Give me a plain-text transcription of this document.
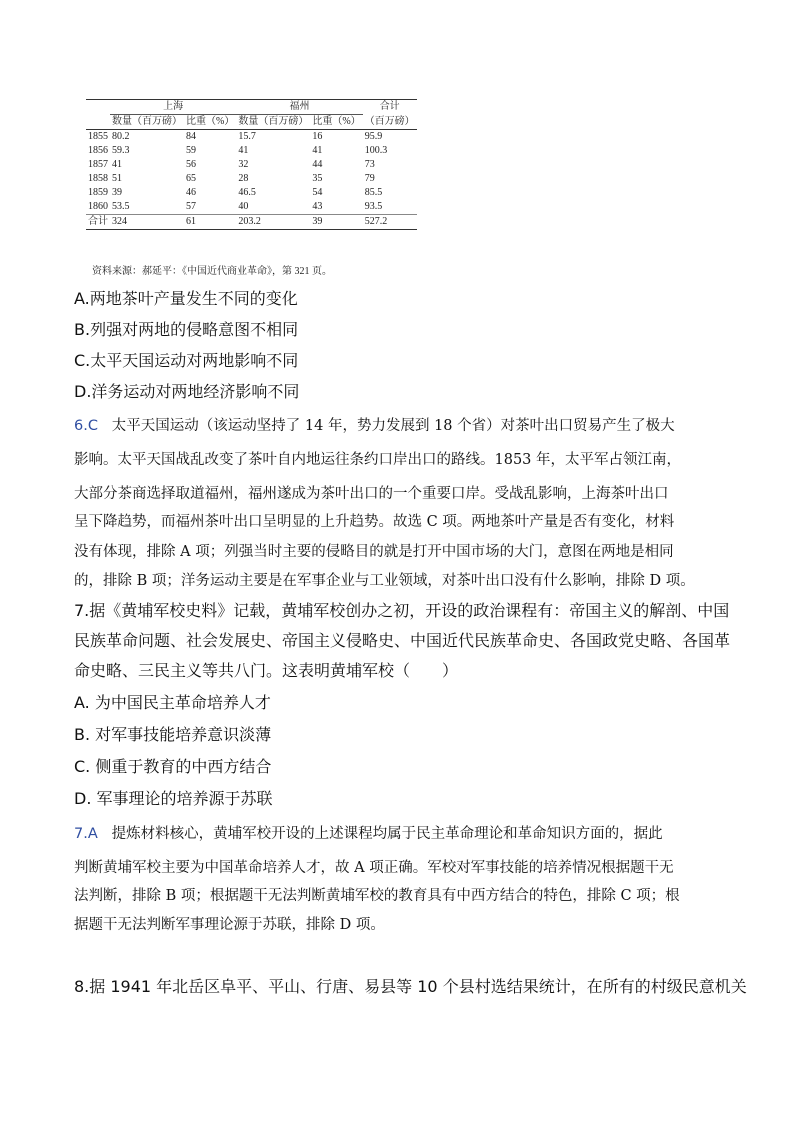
	上海		福州		合计
	数量（百万磅）	比重（%）	数量（百万磅）	比重（%）	（百万磅）
1855	80.2	84	15.7	16	95.9
1856	59.3	59	41	41	100.3
1857	41	56	32	44	73
1858	51	65	28	35	79
1859	39	46	46.5	54	85.5
1860	53.5	57	40	43	93.5
合计	324	61	203.2	39	527.2
资料来源：郝延平：《中国近代商业革命》，第 321 页。
A.两地茶叶产量发生不同的变化
B.列强对两地的侵略意图不相同
C.太平天国运动对两地影响不同
D.洋务运动对两地经济影响不同
6.C 太平天国运动（该运动坚持了 14 年，势力发展到 18 个省）对茶叶出口贸易产生了极大
影响。太平天国战乱改变了茶叶自内地运往条约口岸出口的路线。1853 年，太平军占领江南，
大部分茶商选择取道福州，福州遂成为茶叶出口的一个重要口岸。受战乱影响，上海茶叶出口
呈下降趋势，而福州茶叶出口呈明显的上升趋势。故选 C 项。两地茶叶产量是否有变化，材料
没有体现，排除 A 项；列强当时主要的侵略目的就是打开中国市场的大门，意图在两地是相同
的，排除 B 项；洋务运动主要是在军事企业与工业领域，对茶叶出口没有什么影响，排除 D 项。
7.据《黄埔军校史料》记载，黄埔军校创办之初，开设的政治课程有：帝国主义的解剖、中国
民族革命问题、社会发展史、帝国主义侵略史、中国近代民族革命史、各国政党史略、各国革
命史略、三民主义等共八门。这表明黄埔军校（　　）
A. 为中国民主革命培养人才
B. 对军事技能培养意识淡薄
C. 侧重于教育的中西方结合
D. 军事理论的培养源于苏联
7.A 提炼材料核心，黄埔军校开设的上述课程均属于民主革命理论和革命知识方面的，据此
判断黄埔军校主要为中国革命培养人才，故 A 项正确。军校对军事技能的培养情况根据题干无
法判断，排除 B 项；根据题干无法判断黄埔军校的教育具有中西方结合的特色，排除 C 项；根
据题干无法判断军事理论源于苏联，排除 D 项。
8.据 1941 年北岳区阜平、平山、行唐、易县等 10 个县村选结果统计，在所有的村级民意机关
